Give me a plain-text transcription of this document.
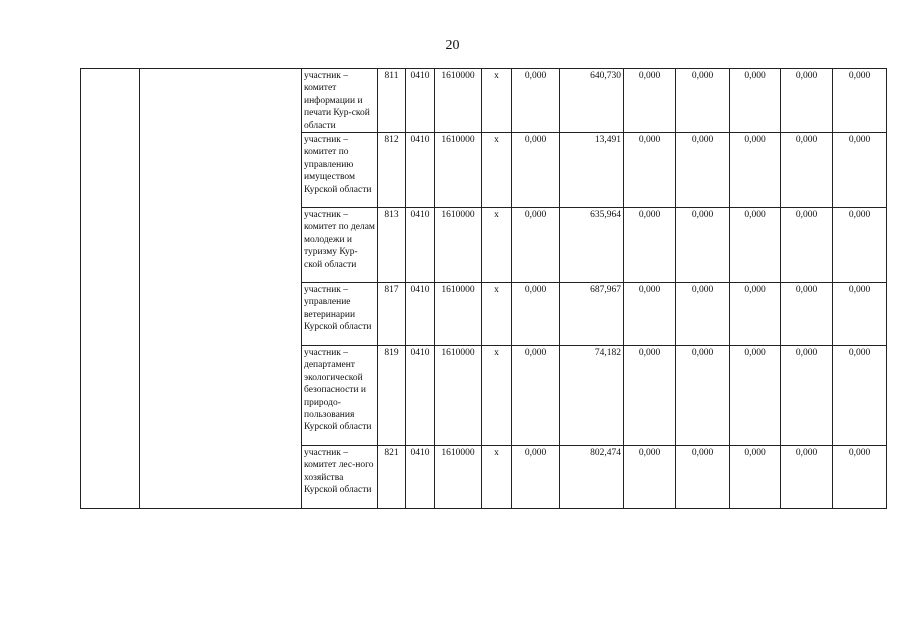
20
		участник – комитет информации и печати Кур-ской области	811	0410	1610000	x	0,000	640,730	0,000	0,000	0,000	0,000	0,000
		участник – комитет по управлению имуществом Курской области	812	0410	1610000	x	0,000	13,491	0,000	0,000	0,000	0,000	0,000
		участник – комитет по делам молодежи и туризму Кур-ской области	813	0410	1610000	x	0,000	635,964	0,000	0,000	0,000	0,000	0,000
		участник – управление ветеринарии Курской области	817	0410	1610000	x	0,000	687,967	0,000	0,000	0,000	0,000	0,000
		участник – департамент экологической безопасности и природо-пользования Курской области	819	0410	1610000	x	0,000	74,182	0,000	0,000	0,000	0,000	0,000
		участник – комитет лес-ного хозяйства Курской области	821	0410	1610000	x	0,000	802,474	0,000	0,000	0,000	0,000	0,000
